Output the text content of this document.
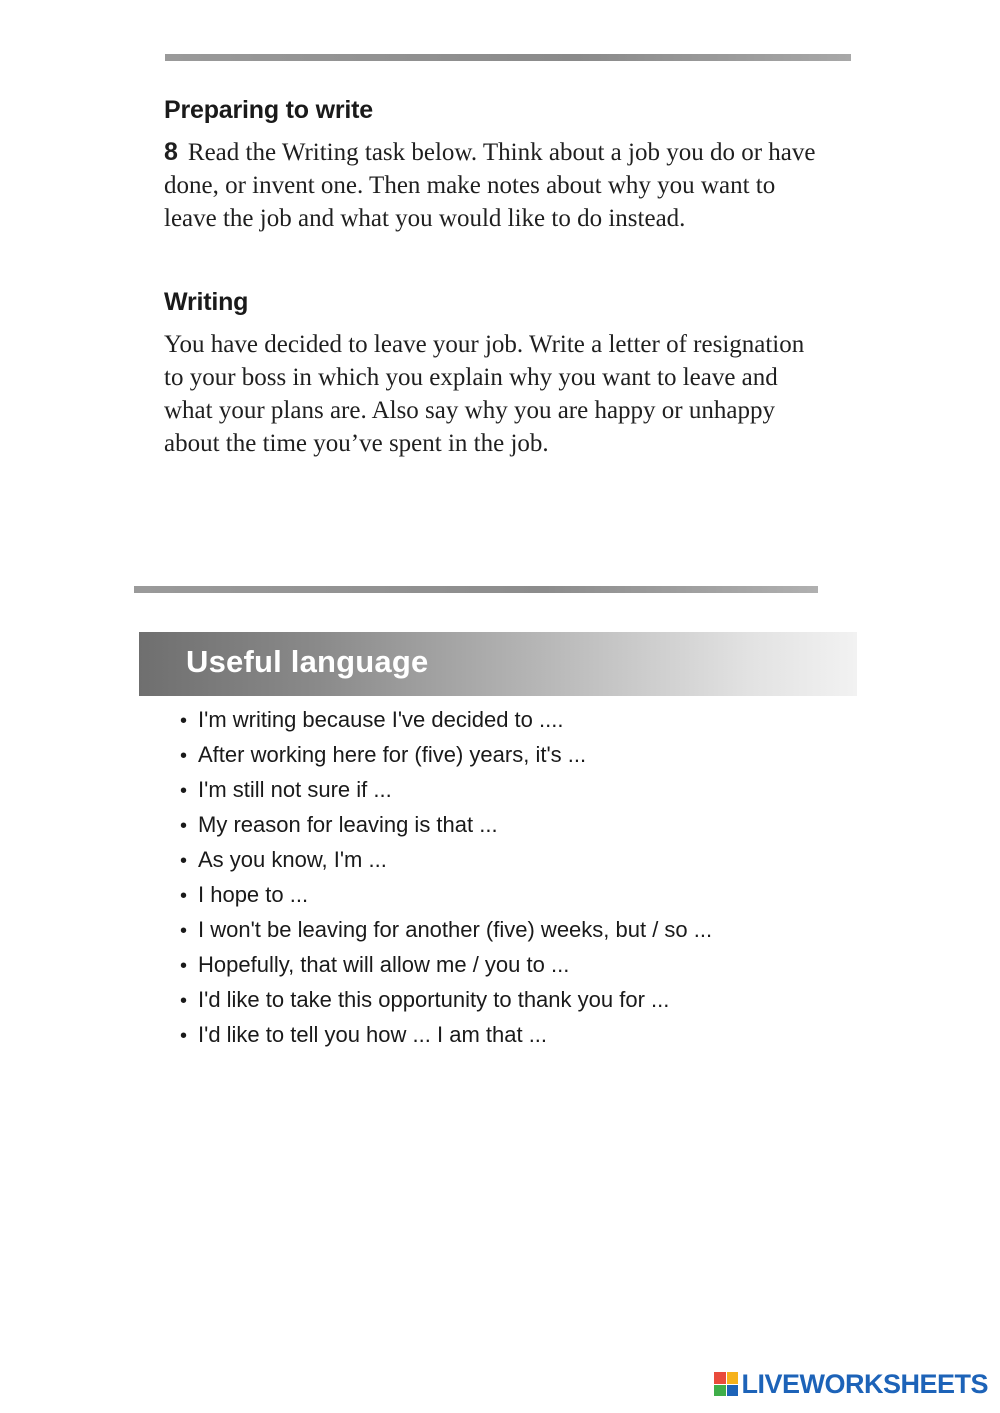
Preparing to write

8 Read the Writing task below. Think about a job you do or have done, or invent one. Then make notes about why you want to leave the job and what you would like to do instead.

Writing

You have decided to leave your job. Write a letter of resignation to your boss in which you explain why you want to leave and what your plans are. Also say why you are happy or unhappy about the time you’ve spent in the job.

Useful language
• I'm writing because I've decided to ....
• After working here for (five) years, it's ...
• I'm still not sure if ...
• My reason for leaving is that ...
• As you know, I'm ...
• I hope to ...
• I won't be leaving for another (five) weeks, but / so ...
• Hopefully, that will allow me / you to ...
• I'd like to take this opportunity to thank you for ...
• I'd like to tell you how ... I am that ...
LIVEWORKSHEETS
